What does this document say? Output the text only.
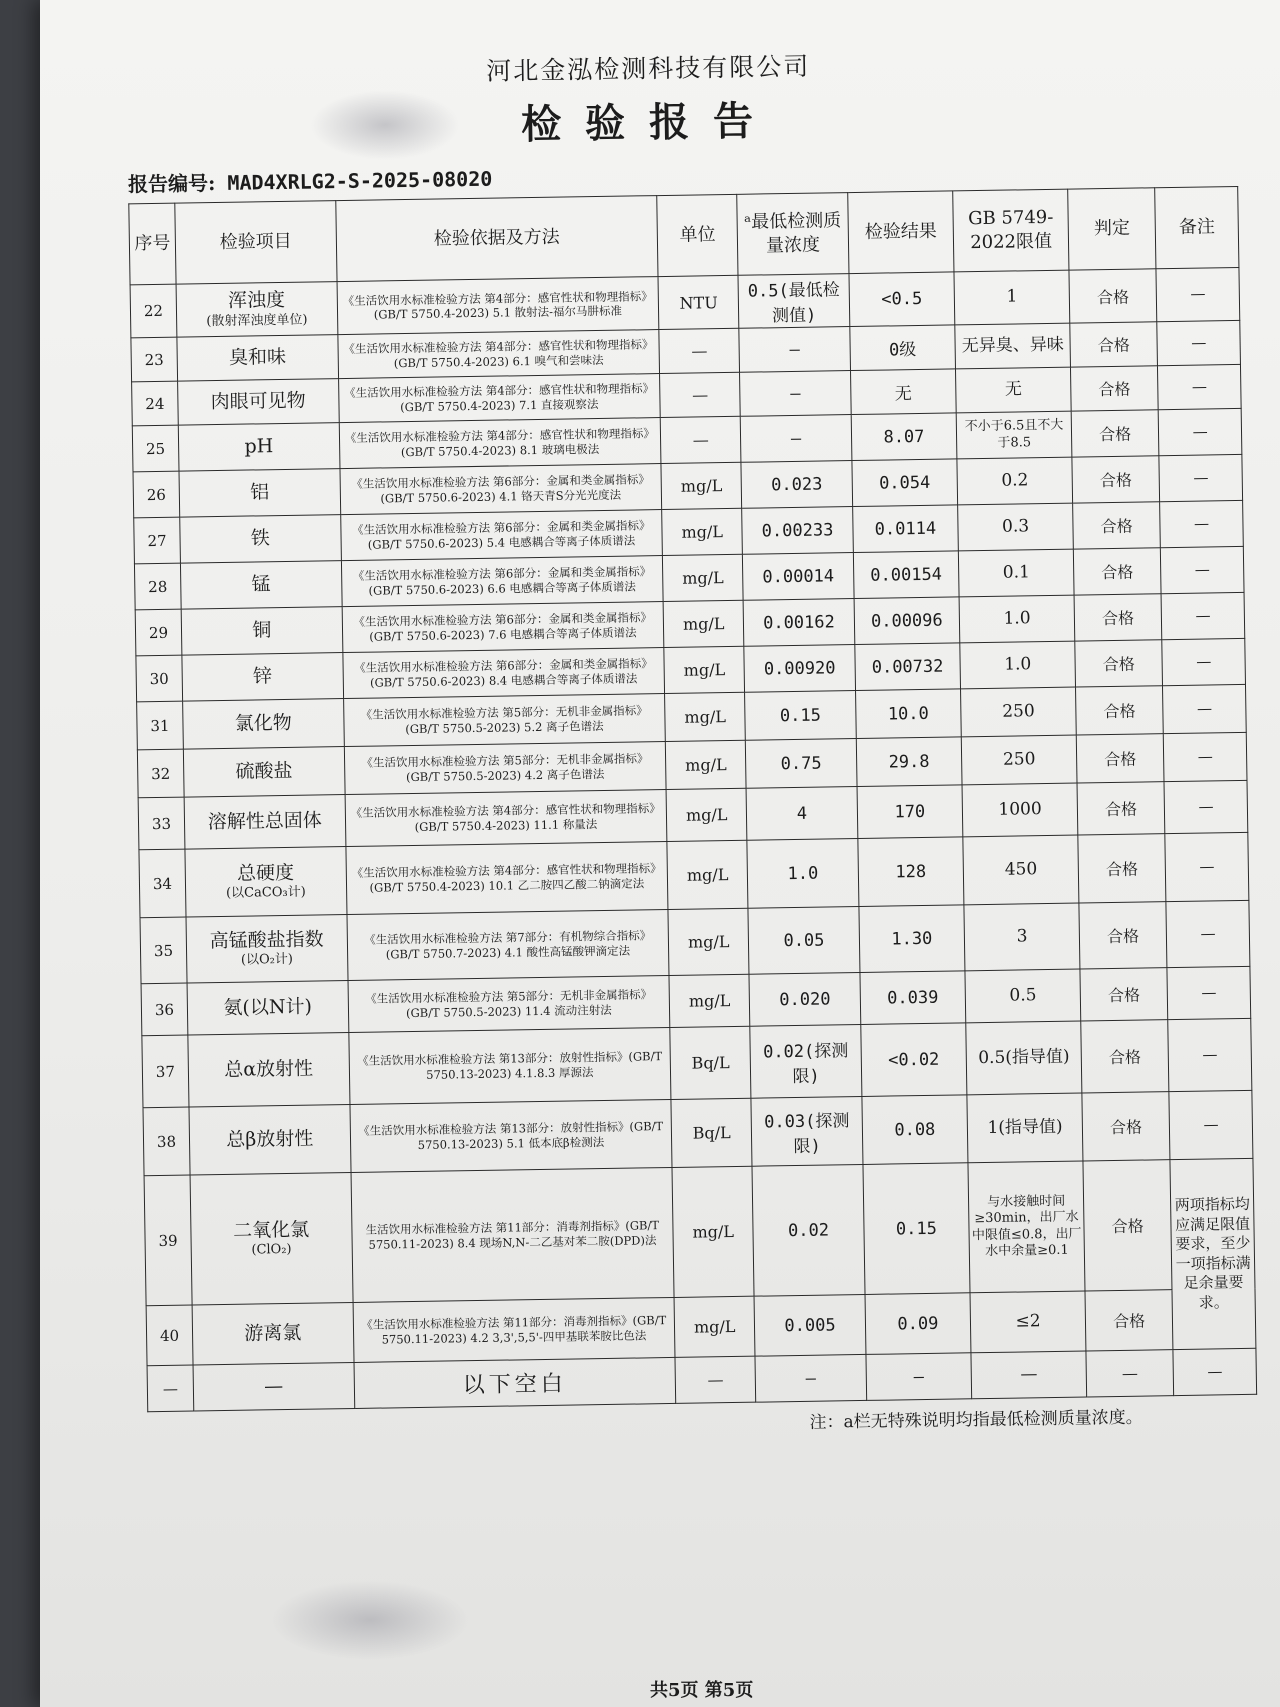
河北金泓检测科技有限公司
检验报告
报告编号: MAD4XRLG2-S-2025-08020
序号	检验项目	检验依据及方法	单位	ᵃ最低检测质量浓度	检验结果	GB 5749-2022限值	判定	备注
22	浑浊度
(散射浑浊度单位)	《生活饮用水标准检验方法 第4部分：感官性状和物理指标》(GB/T 5750.4-2023) 5.1 散射法-福尔马肼标准	NTU	0.5(最低检测值)	<0.5	1	合格	—
23	臭和味	《生活饮用水标准检验方法 第4部分：感官性状和物理指标》(GB/T 5750.4-2023) 6.1 嗅气和尝味法	—	—	0级	无异臭、异味	合格	—
24	肉眼可见物	《生活饮用水标准检验方法 第4部分：感官性状和物理指标》(GB/T 5750.4-2023) 7.1 直接观察法	—	—	无	无	合格	—
25	pH	《生活饮用水标准检验方法 第4部分：感官性状和物理指标》(GB/T 5750.4-2023) 8.1 玻璃电极法	—	—	8.07	不小于6.5且不大于8.5	合格	—
26	铝	《生活饮用水标准检验方法 第6部分：金属和类金属指标》(GB/T 5750.6-2023) 4.1 铬天青S分光光度法	mg/L	0.023	0.054	0.2	合格	—
27	铁	《生活饮用水标准检验方法 第6部分：金属和类金属指标》(GB/T 5750.6-2023) 5.4 电感耦合等离子体质谱法	mg/L	0.00233	0.0114	0.3	合格	—
28	锰	《生活饮用水标准检验方法 第6部分：金属和类金属指标》(GB/T 5750.6-2023) 6.6 电感耦合等离子体质谱法	mg/L	0.00014	0.00154	0.1	合格	—
29	铜	《生活饮用水标准检验方法 第6部分：金属和类金属指标》(GB/T 5750.6-2023) 7.6 电感耦合等离子体质谱法	mg/L	0.00162	0.00096	1.0	合格	—
30	锌	《生活饮用水标准检验方法 第6部分：金属和类金属指标》(GB/T 5750.6-2023) 8.4 电感耦合等离子体质谱法	mg/L	0.00920	0.00732	1.0	合格	—
31	氯化物	《生活饮用水标准检验方法 第5部分：无机非金属指标》(GB/T 5750.5-2023) 5.2 离子色谱法	mg/L	0.15	10.0	250	合格	—
32	硫酸盐	《生活饮用水标准检验方法 第5部分：无机非金属指标》(GB/T 5750.5-2023) 4.2 离子色谱法	mg/L	0.75	29.8	250	合格	—
33	溶解性总固体	《生活饮用水标准检验方法 第4部分：感官性状和物理指标》(GB/T 5750.4-2023) 11.1 称量法	mg/L	4	170	1000	合格	—
34	总硬度
(以CaCO₃计)	《生活饮用水标准检验方法 第4部分：感官性状和物理指标》(GB/T 5750.4-2023) 10.1 乙二胺四乙酸二钠滴定法	mg/L	1.0	128	450	合格	—
35	高锰酸盐指数
(以O₂计)	《生活饮用水标准检验方法 第7部分：有机物综合指标》(GB/T 5750.7-2023) 4.1 酸性高锰酸钾滴定法	mg/L	0.05	1.30	3	合格	—
36	氨(以N计)	《生活饮用水标准检验方法 第5部分：无机非金属指标》(GB/T 5750.5-2023) 11.4 流动注射法	mg/L	0.020	0.039	0.5	合格	—
37	总α放射性	《生活饮用水标准检验方法 第13部分：放射性指标》(GB/T 5750.13-2023) 4.1.8.3 厚源法	Bq/L	0.02(探测限)	<0.02	0.5(指导值)	合格	—
38	总β放射性	《生活饮用水标准检验方法 第13部分：放射性指标》(GB/T 5750.13-2023) 5.1 低本底β检测法	Bq/L	0.03(探测限)	0.08	1(指导值)	合格	—
39	二氧化氯
(ClO₂)	生活饮用水标准检验方法 第11部分：消毒剂指标》(GB/T 5750.11-2023) 8.4 现场N,N-二乙基对苯二胺(DPD)法	mg/L	0.02	0.15	与水接触时间≥30min，出厂水中限值≤0.8，出厂水中余量≥0.1	合格	两项指标均应满足限值要求，至少一项指标满足余量要求。
40	游离氯	《生活饮用水标准检验方法 第11部分：消毒剂指标》(GB/T 5750.11-2023) 4.2 3,3',5,5'-四甲基联苯胺比色法	mg/L	0.005	0.09	≤2	合格	
—	—	以下空白	—	—	—	—	—	—
注：a栏无特殊说明均指最低检测质量浓度。
共5页 第5页
